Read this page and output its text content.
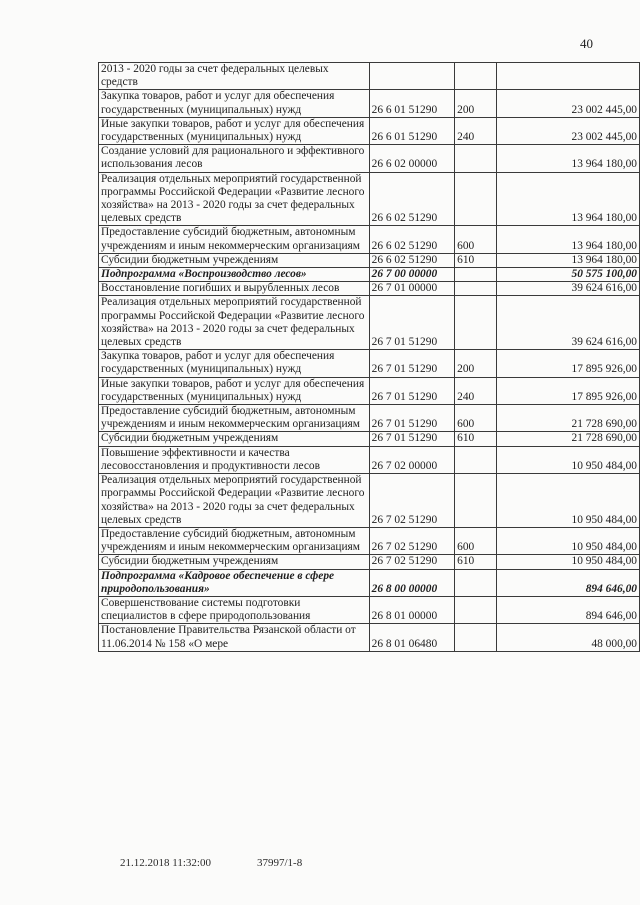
40
2013 - 2020 годы за счет федеральных целевых средств			
Закупка товаров, работ и услуг для обеспечения государственных (муниципальных) нужд	26 6 01 51290	200	23 002 445,00
Иные закупки товаров, работ и услуг для обеспечения государственных (муниципальных) нужд	26 6 01 51290	240	23 002 445,00
Создание условий для рационального и эффективного использования лесов	26 6 02 00000		13 964 180,00
Реализация отдельных мероприятий государственной программы Российской Федерации «Развитие лесного хозяйства» на 2013 - 2020 годы за счет федеральных целевых средств	26 6 02 51290		13 964 180,00
Предоставление субсидий бюджетным, автономным учреждениям и иным некоммерческим организациям	26 6 02 51290	600	13 964 180,00
Субсидии бюджетным учреждениям	26 6 02 51290	610	13 964 180,00
Подпрограмма «Воспроизводство лесов»	26 7 00 00000		50 575 100,00
Восстановление погибших и вырубленных лесов	26 7 01 00000		39 624 616,00
Реализация отдельных мероприятий государственной программы Российской Федерации «Развитие лесного хозяйства» на 2013 - 2020 годы за счет федеральных целевых средств	26 7 01 51290		39 624 616,00
Закупка товаров, работ и услуг для обеспечения государственных (муниципальных) нужд	26 7 01 51290	200	17 895 926,00
Иные закупки товаров, работ и услуг для обеспечения государственных (муниципальных) нужд	26 7 01 51290	240	17 895 926,00
Предоставление субсидий бюджетным, автономным учреждениям и иным некоммерческим организациям	26 7 01 51290	600	21 728 690,00
Субсидии бюджетным учреждениям	26 7 01 51290	610	21 728 690,00
Повышение эффективности и качества лесовосстановления и продуктивности лесов	26 7 02 00000		10 950 484,00
Реализация отдельных мероприятий государственной программы Российской Федерации «Развитие лесного хозяйства» на 2013 - 2020 годы за счет федеральных целевых средств	26 7 02 51290		10 950 484,00
Предоставление субсидий бюджетным, автономным учреждениям и иным некоммерческим организациям	26 7 02 51290	600	10 950 484,00
Субсидии бюджетным учреждениям	26 7 02 51290	610	10 950 484,00
Подпрограмма «Кадровое обеспечение в сфере природопользования»	26 8 00 00000		894 646,00
Совершенствование системы подготовки специалистов в сфере природопользования	26 8 01 00000		894 646,00
Постановление Правительства Рязанской области от 11.06.2014 № 158 «О мере	26 8 01 06480		48 000,00
21.12.2018 11:32:00	37997/1-8
